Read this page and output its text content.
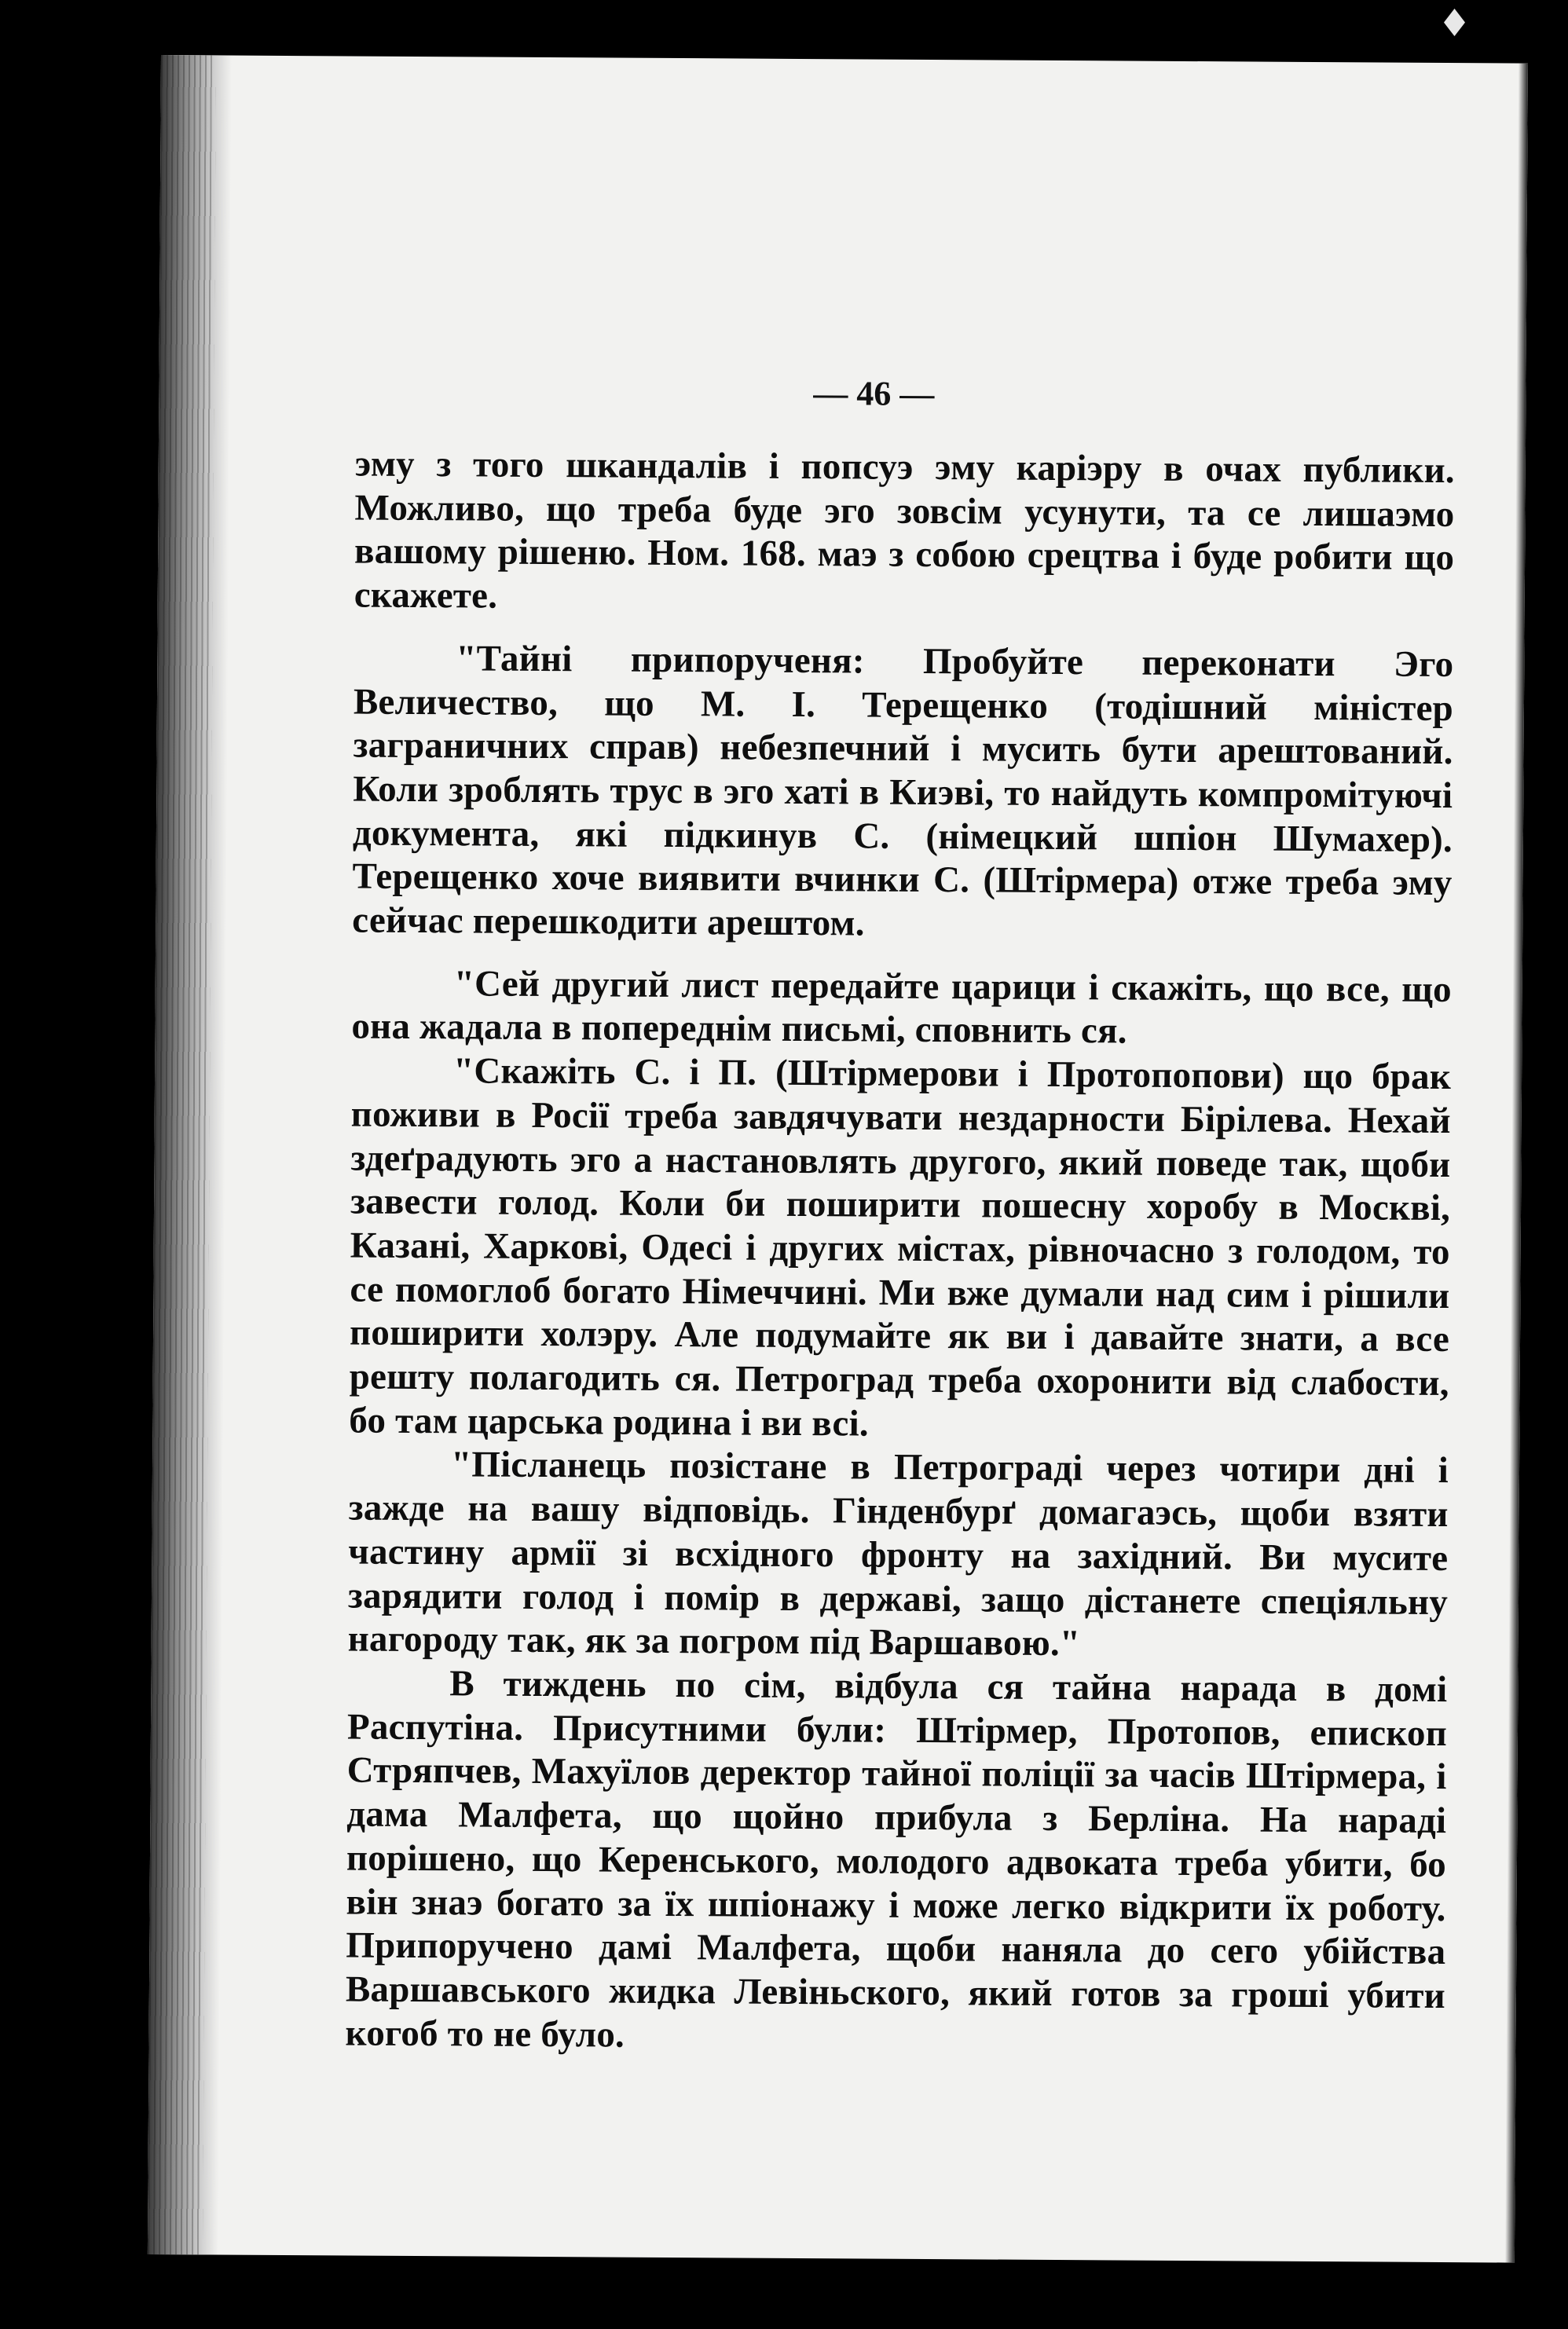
♦
— 46 —

эму з того шкандалів і попсуэ эму каріэру в очах публики. Можливо, що треба буде эго зовсім усунути, та се лишаэмо вашому рішеню. Ном. 168. маэ з собою срецтва і буде робити що скажете.

"Тайні припорученя: Пробуйте переконати Эго Величество, що М. І. Терещенко (тодішний міністер заграничних справ) небезпечний і мусить бути арештований. Коли зроблять трус в эго хаті в Киэві, то найдуть компромітуючі документа, які підкинув С. (німецкий шпіон Шумахер). Терещенко хоче виявити вчинки С. (Штірмера) отже треба эму сейчас перешкодити арештом.

"Сей другий лист передайте царици і скажіть, що все, що она жадала в попереднім письмі, сповнить ся.

"Скажіть С. і П. (Штірмерови і Протопопови) що брак поживи в Росії треба завдячувати нездарности Бірілева. Нехай здеґрадують эго а настановлять другого, який поведе так, щоби завести голод. Коли би поширити пошесну хоробу в Москві, Казані, Харкові, Одесі і других містах, рівночасно з голодом, то се помоглоб богато Німеччині. Ми вже думали над сим і рішили поширити холэру. Але подумайте як ви і давайте знати, а все решту полагодить ся. Петроград треба охоронити від слабости, бо там царська родина і ви всі.

"Післанець позістане в Петрограді через чотири дні і зажде на вашу відповідь. Гінденбурґ домагаэсь, щоби взяти частину армії зі всхідного фронту на західний. Ви мусите зарядити голод і помір в державі, защо дістанете спеціяльну нагороду так, як за погром під Варшавою."

В тиждень по сім, відбула ся тайна нарада в домі Распутіна. Присутними були: Штірмер, Протопов, епископ Стряпчев, Махуїлов деректор тайної поліції за часів Штірмера, і дама Малфета, що щойно прибула з Берліна. На нараді порішено, що Керенського, молодого адвоката треба убити, бо він знаэ богато за їх шпіонажу і може легко відкрити їх роботу. Припоручено дамі Малфета, щоби наняла до сего убійства Варшавського жидка Левіньского, який готов за гроші убити когоб то не було.
